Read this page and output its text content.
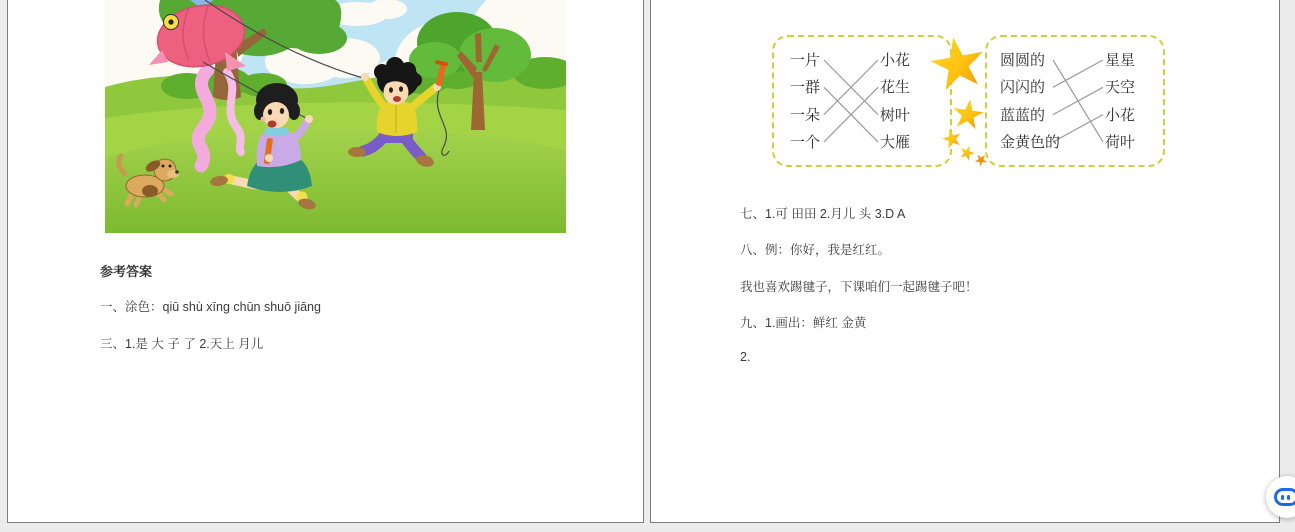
参考答案
一、涂色：qiū shù xīng chūn shuō jiāng
三、1.是 大 子 了 2.天上 月儿
一片
一群
一朵
一个
小花
花生
树叶
大雁
圆圆的
闪闪的
蓝蓝的
金黄色的
星星
天空
小花
荷叶
七、1.可 田田 2.月儿 头 3.D A
八、例：你好，我是红红。
我也喜欢踢毽子，下课咱们一起踢毽子吧！
九、1.画出：鲜红 金黄
2.
